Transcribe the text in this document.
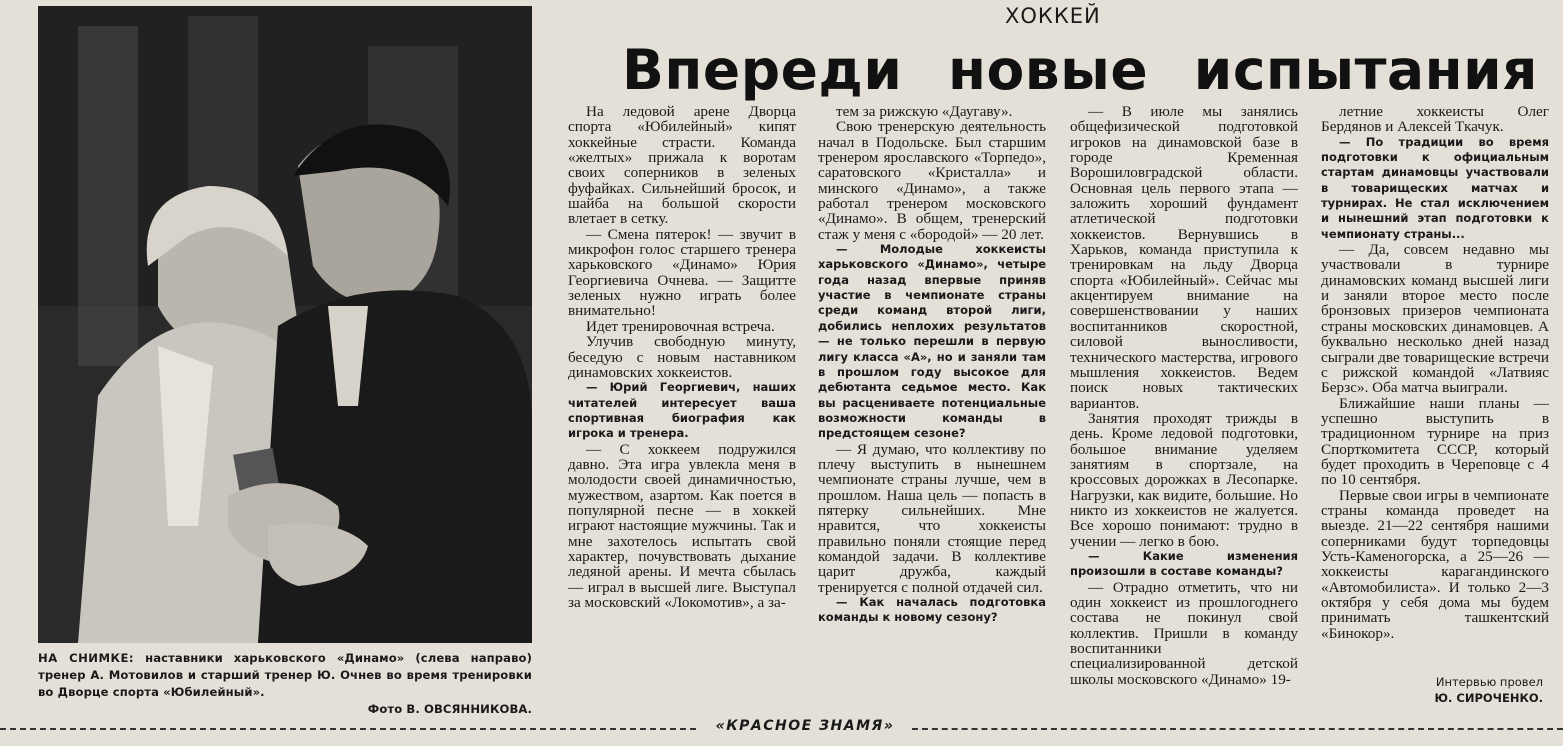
НА СНИМКЕ: наставники харьковского «Динамо» (слева направо) тренер А. Мотовилов и старший тренер Ю. Очнев во время тренировки во Дворце спорта «Юбилейный».
Фото В. ОВСЯННИКОВА.
ХОККЕЙ
Впереди новые испытания

На ледовой арене Дворца спорта «Юбилейный» кипят хоккейные страсти. Команда «желтых» прижала к воротам своих соперников в зеленых фуфайках. Сильнейший бросок, и шайба на большой скорости влетает в сетку.

— Смена пятерок! — звучит в микрофон голос старшего тренера харьковского «Динамо» Юрия Георгиевича Очнева. — Защитте зеленых нужно играть более внимательно!

Идет тренировочная встреча.

Улучив свободную минуту, беседую с новым наставником динамовских хоккеистов.

— Юрий Георгиевич, наших читателей интересует ваша спортивная биография как игрока и тренера.

— С хоккеем подружился давно. Эта игра увлекла меня в молодости своей динамичностью, мужеством, азартом. Как поется в популярной песне — в хоккей играют настоящие мужчины. Так и мне захотелось испытать свой характер, почувствовать дыхание ледяной арены. И мечта сбылась — играл в высшей лиге. Выступал за московский «Локомотив», а за-

тем за рижскую «Даугаву».

Свою тренерскую деятельность начал в Подольске. Был старшим тренером ярославского «Торпедо», саратовского «Кристалла» и минского «Динамо», а также работал тренером московского «Динамо». В общем, тренерский стаж у меня с «бородой» — 20 лет.

— Молодые хоккеисты харьковского «Динамо», четыре года назад впервые приняв участие в чемпионате страны среди команд второй лиги, добились неплохих результатов — не только перешли в первую лигу класса «А», но и заняли там в прошлом году высокое для дебютанта седьмое место. Как вы расцениваете потенциальные возможности команды в предстоящем сезоне?

— Я думаю, что коллективу по плечу выступить в нынешнем чемпионате страны лучше, чем в прошлом. Наша цель — попасть в пятерку сильнейших. Мне нравится, что хоккеисты правильно поняли стоящие перед командой задачи. В коллективе царит дружба, каждый тренируется с полной отдачей сил.

— Как началась подготовка команды к новому сезону?

— В июле мы занялись общефизической подготовкой игроков на динамовской базе в городе Кременная Ворошиловградской области. Основная цель первого этапа — заложить хороший фундамент атлетической подготовки хоккеистов. Вернувшись в Харьков, команда приступила к тренировкам на льду Дворца спорта «Юбилейный». Сейчас мы акцентируем внимание на совершенствовании у наших воспитанников скоростной, силовой выносливости, технического мастерства, игрового мышления хоккеистов. Ведем поиск новых тактических вариантов.

Занятия проходят трижды в день. Кроме ледовой подготовки, большое внимание уделяем занятиям в спортзале, на кроссовых дорожках в Лесопарке. Нагрузки, как видите, большие. Но никто из хоккеистов не жалуется. Все хорошо понимают: трудно в учении — легко в бою.

— Какие изменения произошли в составе команды?

— Отрадно отметить, что ни один хоккеист из прошлогоднего состава не покинул свой коллектив. Пришли в команду воспитанники специализированной детской школы московского «Динамо» 19-

летние хоккеисты Олег Бердянов и Алексей Ткачук.

— По традиции во время подготовки к официальным стартам динамовцы участвовали в товарищеских матчах и турнирах. Не стал исключением и нынешний этап подготовки к чемпионату страны...

— Да, совсем недавно мы участвовали в турнире динамовских команд высшей лиги и заняли второе место после бронзовых призеров чемпионата страны московских динамовцев. А буквально несколько дней назад сыграли две товарищеские встречи с рижской командой «Латвияс Берзс». Оба матча выиграли.

Ближайшие наши планы — успешно выступить в традиционном турнире на приз Спорткомитета СССР, который будет проходить в Череповце с 4 по 10 сентября.

Первые свои игры в чемпионате страны команда проведет на выезде. 21—22 сентября нашими соперниками будут торпедовцы Усть-Каменогорска, а 25—26 — хоккеисты карагандинского «Автомобилиста». И только 2—3 октября у себя дома мы будем принимать ташкентский «Бинокор».

Интервью провел
Ю. СИРОЧЕНКО.
«КРАСНОЕ ЗНАМЯ»
